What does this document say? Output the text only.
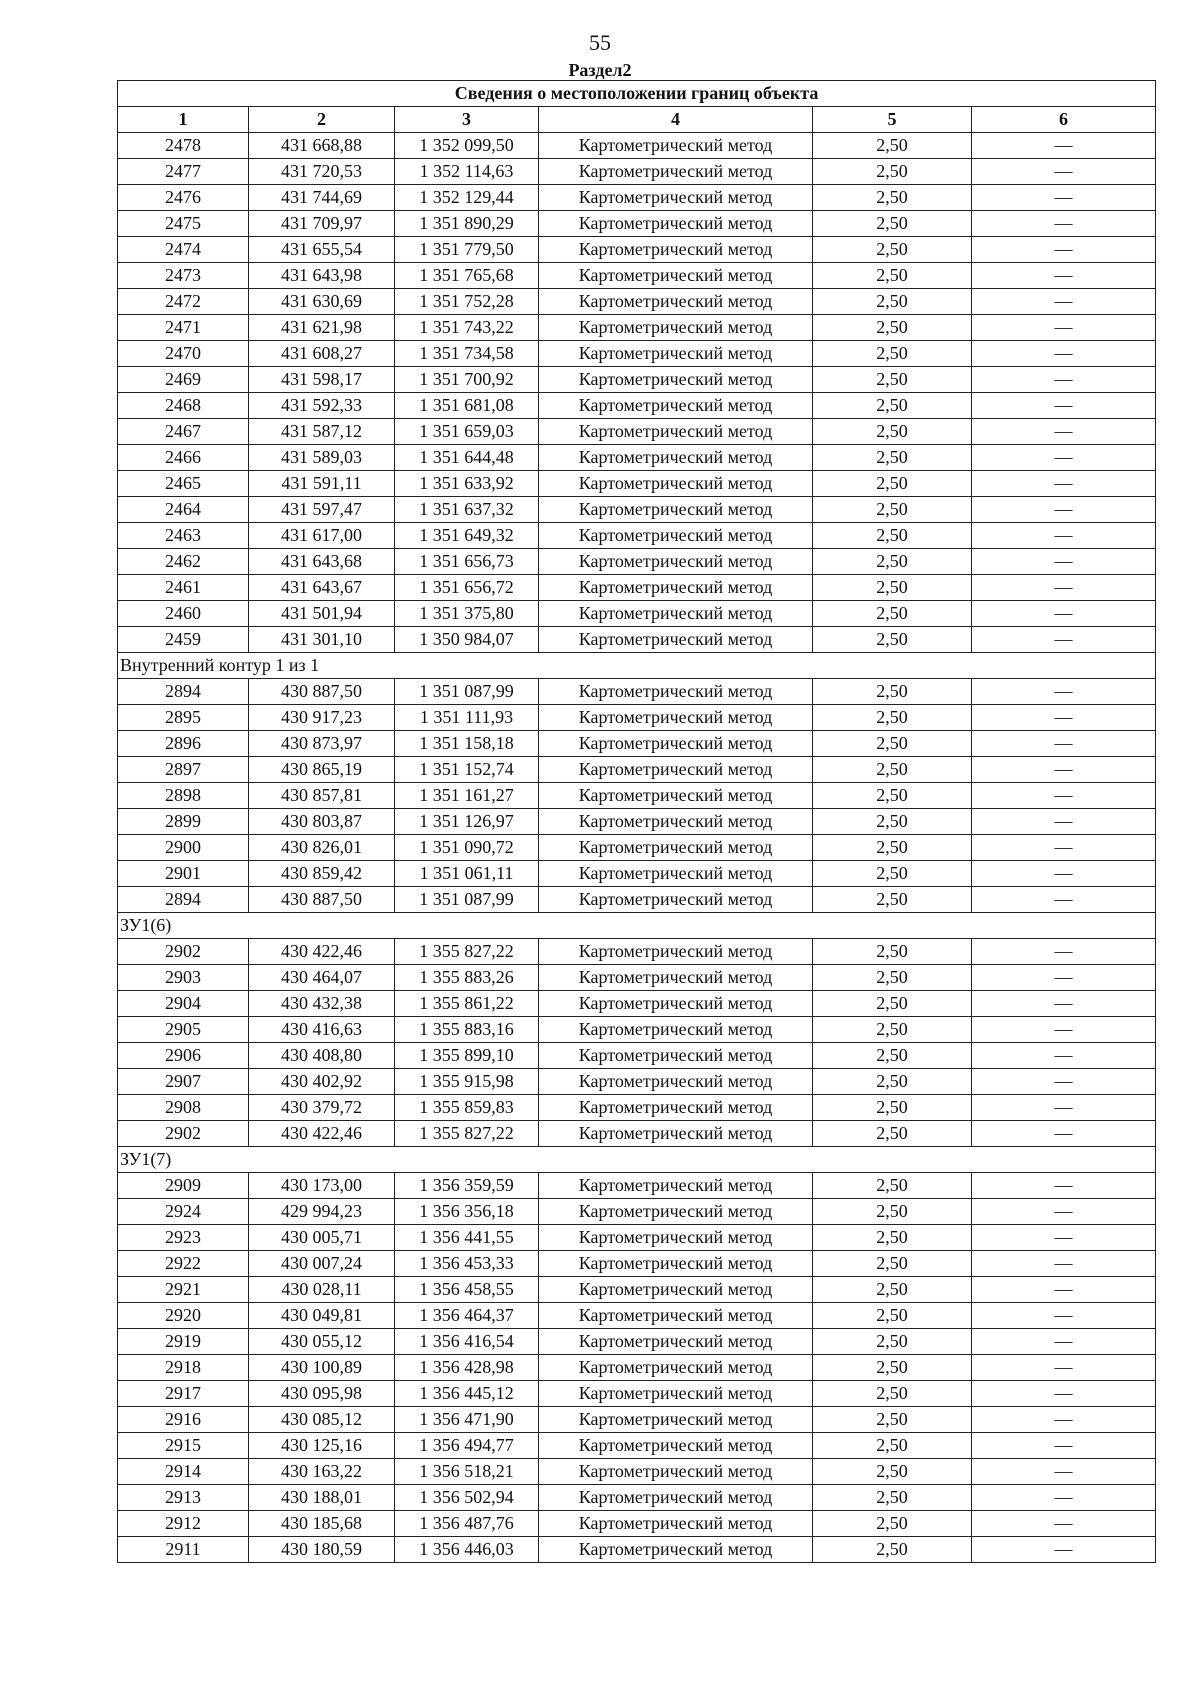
55
Раздел2
Сведения о местоположении границ объекта					
1	2	3	4	5	6
2478	431 668,88	1 352 099,50	Картометрический метод	2,50	—
2477	431 720,53	1 352 114,63	Картометрический метод	2,50	—
2476	431 744,69	1 352 129,44	Картометрический метод	2,50	—
2475	431 709,97	1 351 890,29	Картометрический метод	2,50	—
2474	431 655,54	1 351 779,50	Картометрический метод	2,50	—
2473	431 643,98	1 351 765,68	Картометрический метод	2,50	—
2472	431 630,69	1 351 752,28	Картометрический метод	2,50	—
2471	431 621,98	1 351 743,22	Картометрический метод	2,50	—
2470	431 608,27	1 351 734,58	Картометрический метод	2,50	—
2469	431 598,17	1 351 700,92	Картометрический метод	2,50	—
2468	431 592,33	1 351 681,08	Картометрический метод	2,50	—
2467	431 587,12	1 351 659,03	Картометрический метод	2,50	—
2466	431 589,03	1 351 644,48	Картометрический метод	2,50	—
2465	431 591,11	1 351 633,92	Картометрический метод	2,50	—
2464	431 597,47	1 351 637,32	Картометрический метод	2,50	—
2463	431 617,00	1 351 649,32	Картометрический метод	2,50	—
2462	431 643,68	1 351 656,73	Картометрический метод	2,50	—
2461	431 643,67	1 351 656,72	Картометрический метод	2,50	—
2460	431 501,94	1 351 375,80	Картометрический метод	2,50	—
2459	431 301,10	1 350 984,07	Картометрический метод	2,50	—
Внутренний контур 1 из 1					
2894	430 887,50	1 351 087,99	Картометрический метод	2,50	—
2895	430 917,23	1 351 111,93	Картометрический метод	2,50	—
2896	430 873,97	1 351 158,18	Картометрический метод	2,50	—
2897	430 865,19	1 351 152,74	Картометрический метод	2,50	—
2898	430 857,81	1 351 161,27	Картометрический метод	2,50	—
2899	430 803,87	1 351 126,97	Картометрический метод	2,50	—
2900	430 826,01	1 351 090,72	Картометрический метод	2,50	—
2901	430 859,42	1 351 061,11	Картометрический метод	2,50	—
2894	430 887,50	1 351 087,99	Картометрический метод	2,50	—
ЗУ1(6)					
2902	430 422,46	1 355 827,22	Картометрический метод	2,50	—
2903	430 464,07	1 355 883,26	Картометрический метод	2,50	—
2904	430 432,38	1 355 861,22	Картометрический метод	2,50	—
2905	430 416,63	1 355 883,16	Картометрический метод	2,50	—
2906	430 408,80	1 355 899,10	Картометрический метод	2,50	—
2907	430 402,92	1 355 915,98	Картометрический метод	2,50	—
2908	430 379,72	1 355 859,83	Картометрический метод	2,50	—
2902	430 422,46	1 355 827,22	Картометрический метод	2,50	—
ЗУ1(7)					
2909	430 173,00	1 356 359,59	Картометрический метод	2,50	—
2924	429 994,23	1 356 356,18	Картометрический метод	2,50	—
2923	430 005,71	1 356 441,55	Картометрический метод	2,50	—
2922	430 007,24	1 356 453,33	Картометрический метод	2,50	—
2921	430 028,11	1 356 458,55	Картометрический метод	2,50	—
2920	430 049,81	1 356 464,37	Картометрический метод	2,50	—
2919	430 055,12	1 356 416,54	Картометрический метод	2,50	—
2918	430 100,89	1 356 428,98	Картометрический метод	2,50	—
2917	430 095,98	1 356 445,12	Картометрический метод	2,50	—
2916	430 085,12	1 356 471,90	Картометрический метод	2,50	—
2915	430 125,16	1 356 494,77	Картометрический метод	2,50	—
2914	430 163,22	1 356 518,21	Картометрический метод	2,50	—
2913	430 188,01	1 356 502,94	Картометрический метод	2,50	—
2912	430 185,68	1 356 487,76	Картометрический метод	2,50	—
2911	430 180,59	1 356 446,03	Картометрический метод	2,50	—
